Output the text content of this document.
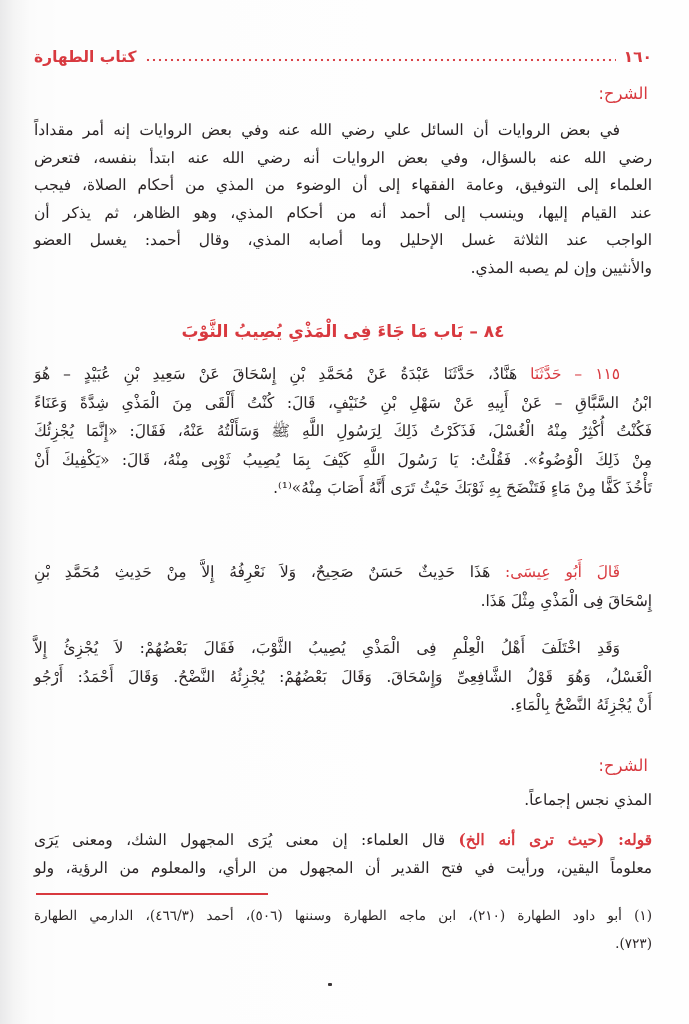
١٦٠
كتاب الطهارة
الشرح:
في بعض الروايات أن السائل علي رضي الله عنه وفي بعض الروايات إنه أمر مقداداً
رضي الله عنه بالسؤال، وفي بعض الروايات أنه رضي الله عنه ابتدأ بنفسه، فتعرض
العلماء إلى التوفيق، وعامة الفقهاء إلى أن الوضوء من المذي من أحكام الصلاة، فيجب
عند القيام إليها، وينسب إلى أحمد أنه من أحكام المذي، وهو الظاهر، ثم يذكر أن
الواجب عند الثلاثة غسل الإحليل وما أصابه المذي، وقال أحمد: يغسل العضو
والأنثيين وإن لم يصبه المذي.
٨٤ – بَاب مَا جَاءَ فِى الْمَذْىِ يُصِيبُ الثَّوْبَ
١١٥ – حَدَّثَنَا هَنَّادٌ، حَدَّثَنَا عَبْدَةُ عَنْ مُحَمَّدِ بْنِ إِسْحَاقَ عَنْ سَعِيدِ بْنِ عُبَيْدٍ – هُوَ
ابْنُ السَّبَّاقِ – عَنْ أَبِيهِ عَنْ سَهْلِ بْنِ حُنَيْفٍ، قَالَ: كُنْتُ أَلْقَى مِنَ الْمَذْىِ شِدَّةً وَعَنَاءً
فَكُنْتُ أُكْثِرُ مِنْهُ الْغُسْلَ، فَذَكَرْتُ ذَلِكَ لِرَسُولِ اللَّهِ ﷺ وَسَأَلْتُهُ عَنْهُ، فَقَالَ: «إِنَّمَا يُجْزِئُكَ
مِنْ ذَلِكَ الْوُضُوءُ». فَقُلْتُ: يَا رَسُولَ اللَّهِ كَيْفَ بِمَا يُصِيبُ ثَوْبِى مِنْهُ، قَالَ: «يَكْفِيكَ أَنْ
تَأْخُذَ كَفًّا مِنْ مَاءٍ فَتَنْضَحَ بِهِ ثَوْبَكَ حَيْثُ تَرَى أَنَّهُ أَصَابَ مِنْهُ»⁽¹⁾.
قَالَ أَبُو عِيسَى: هَذَا حَدِيثٌ حَسَنٌ صَحِيحٌ، وَلاَ نَعْرِفُهُ إِلاَّ مِنْ حَدِيثِ مُحَمَّدِ بْنِ
إِسْحَاقَ فِى الْمَذْىِ مِثْلَ هَذَا.
وَقَدِ اخْتَلَفَ أَهْلُ الْعِلْمِ فِى الْمَذْىِ يُصِيبُ الثَّوْبَ، فَقَالَ بَعْضُهُمْ: لاَ يُجْزِئُ إِلاَّ
الْغَسْلُ، وَهُوَ قَوْلُ الشَّافِعِىِّ وَإِسْحَاقَ. وَقَالَ بَعْضُهُمْ: يُجْزِئُهُ النَّضْحُ. وَقَالَ أَحْمَدُ: أَرْجُو
أَنْ يُجْزِئَهُ النَّضْحُ بِالْمَاءِ.
الشرح:
المذي نجس إجماعاً.
قوله: (حيث ترى أنه الخ) قال العلماء: إن معنى يُرَى المجهول الشك، ومعنى يَرَى
معلوماً اليقين، ورأيت في فتح القدير أن المجهول من الرأي، والمعلوم من الرؤية، ولو
(١) أبو داود الطهارة (٢١٠)، ابن ماجه الطهارة وسننها (٥٠٦)، أحمد (٤٦٦/٣)، الدارمي الطهارة
(٧٢٣).
